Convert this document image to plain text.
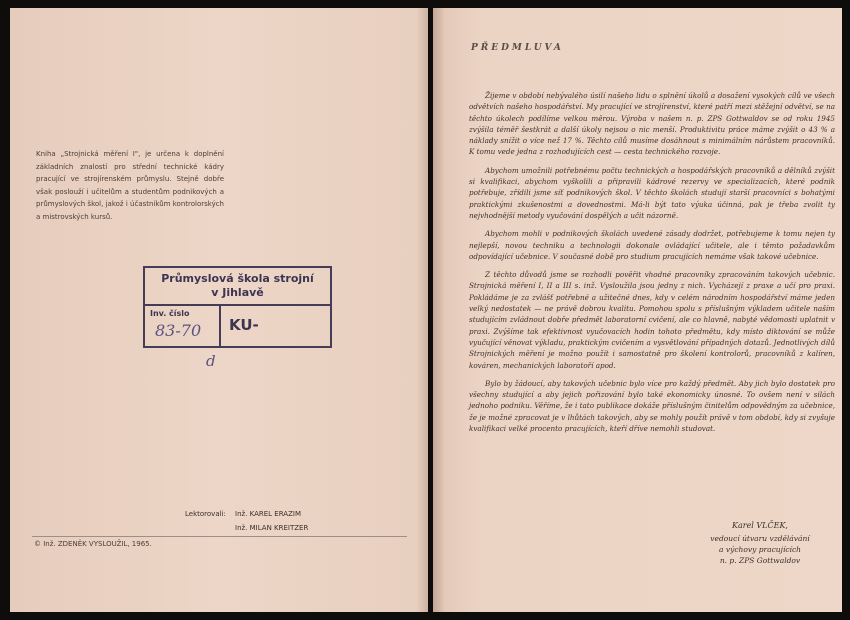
Kniha „Strojnická měření I", je určena k doplnění základních znalostí pro střední technické kádry pracující ve strojírenském průmyslu. Stejně dobře však poslouží i učitelům a studentům podnikových a průmyslových škol, jakož i účastníkům kontrolorských a mistrovských kursů.

Průmyslová škola strojní
v Jihlavě
Inv. číslo
83-70 KU-
d
Lektorovali: Inž. KAREL ERAZIM
Inž. MILAN KREITZER
© Inž. ZDENĚK VYSLOUŽIL, 1965.
PŘEDMLUVA

Žijeme v období nebývalého úsilí našeho lidu o splnění úkolů a dosažení vysokých cílů ve všech odvětvích našeho hospodářství. My pracující ve strojírenství, které patří mezi stěžejní odvětví, se na těchto úkolech podílíme velkou měrou. Výroba v našem n. p. ZPS Gottwaldov se od roku 1945 zvýšila téměř šestkrát a další úkoly nejsou o nic menší. Produktivitu práce máme zvýšit o 43 % a náklady snížit o více než 17 %. Těchto cílů musíme dosáhnout s minimálním nárůstem pracovníků. K tomu vede jedna z rozhodujících cest — cesta technického rozvoje.

Abychom umožnili potřebnému počtu technických a hospodářských pracovníků a dělníků zvýšit si kvalifikaci, abychom vyškolili a připravili kádrové rezervy ve specializacích, které podnik potřebuje, zřídili jsme síť podnikových škol. V těchto školách studují starší pracovníci s bohatými praktickými zkušenostmi a dovednostmi. Má-li být tato výuka účinná, pak je třeba zvolit ty nejvhodnější metody vyučování dospělých a učit názorně.

Abychom mohli v podnikových školách uvedené zásady dodržet, potřebujeme k tomu nejen ty nejlepší, novou techniku a technologii dokonale ovládající učitele, ale i těmto požadavkům odpovídající učebnice. V současné době pro studium pracujících nemáme však takové učebnice.

Z těchto důvodů jsme se rozhodli pověřit vhodné pracovníky zpracováním takových učebnic. Strojnická měření I, II a III s. inž. Vysloužila jsou jedny z nich. Vycházejí z praxe a učí pro praxi. Pokládáme je za zvlášť potřebné a užitečné dnes, kdy v celém národním hospodářství máme jeden velký nedostatek — ne právě dobrou kvalitu. Pomohou spolu s příslušným výkladem učitele naším studujícím zvládnout dobře předmět laboratorní cvičení, ale co hlavně, nabyté vědomosti uplatnit v praxi. Zvýšíme tak efektivnost vyučovacích hodin tohoto předmětu, kdy místo diktování se může vyučující věnovat výkladu, praktickým cvičením a vysvětlování případných dotazů. Jednotlivých dílů Strojnických měření je možno použít i samostatně pro školení kontrolorů, pracovníků z kalíren, kováren, mechanických laboratoří apod.

Bylo by žádoucí, aby takových učebnic bylo více pro každý předmět. Aby jich bylo dostatek pro všechny studující a aby jejich pořizování bylo také ekonomicky únosné. To ovšem není v silách jednoho podniku. Věříme, že i tato publikace dokáže příslušným činitelům odpovědným za učebnice, že je možné zpracovat je v lhůtách takových, aby se mohly použít právě v tom období, kdy si zvyšuje kvalifikaci velké procento pracujících, kteří dříve nemohli studovat.

Karel VLČEK,
vedoucí útvaru vzdělávání
a výchovy pracujících
n. p. ZPS Gottwaldov
